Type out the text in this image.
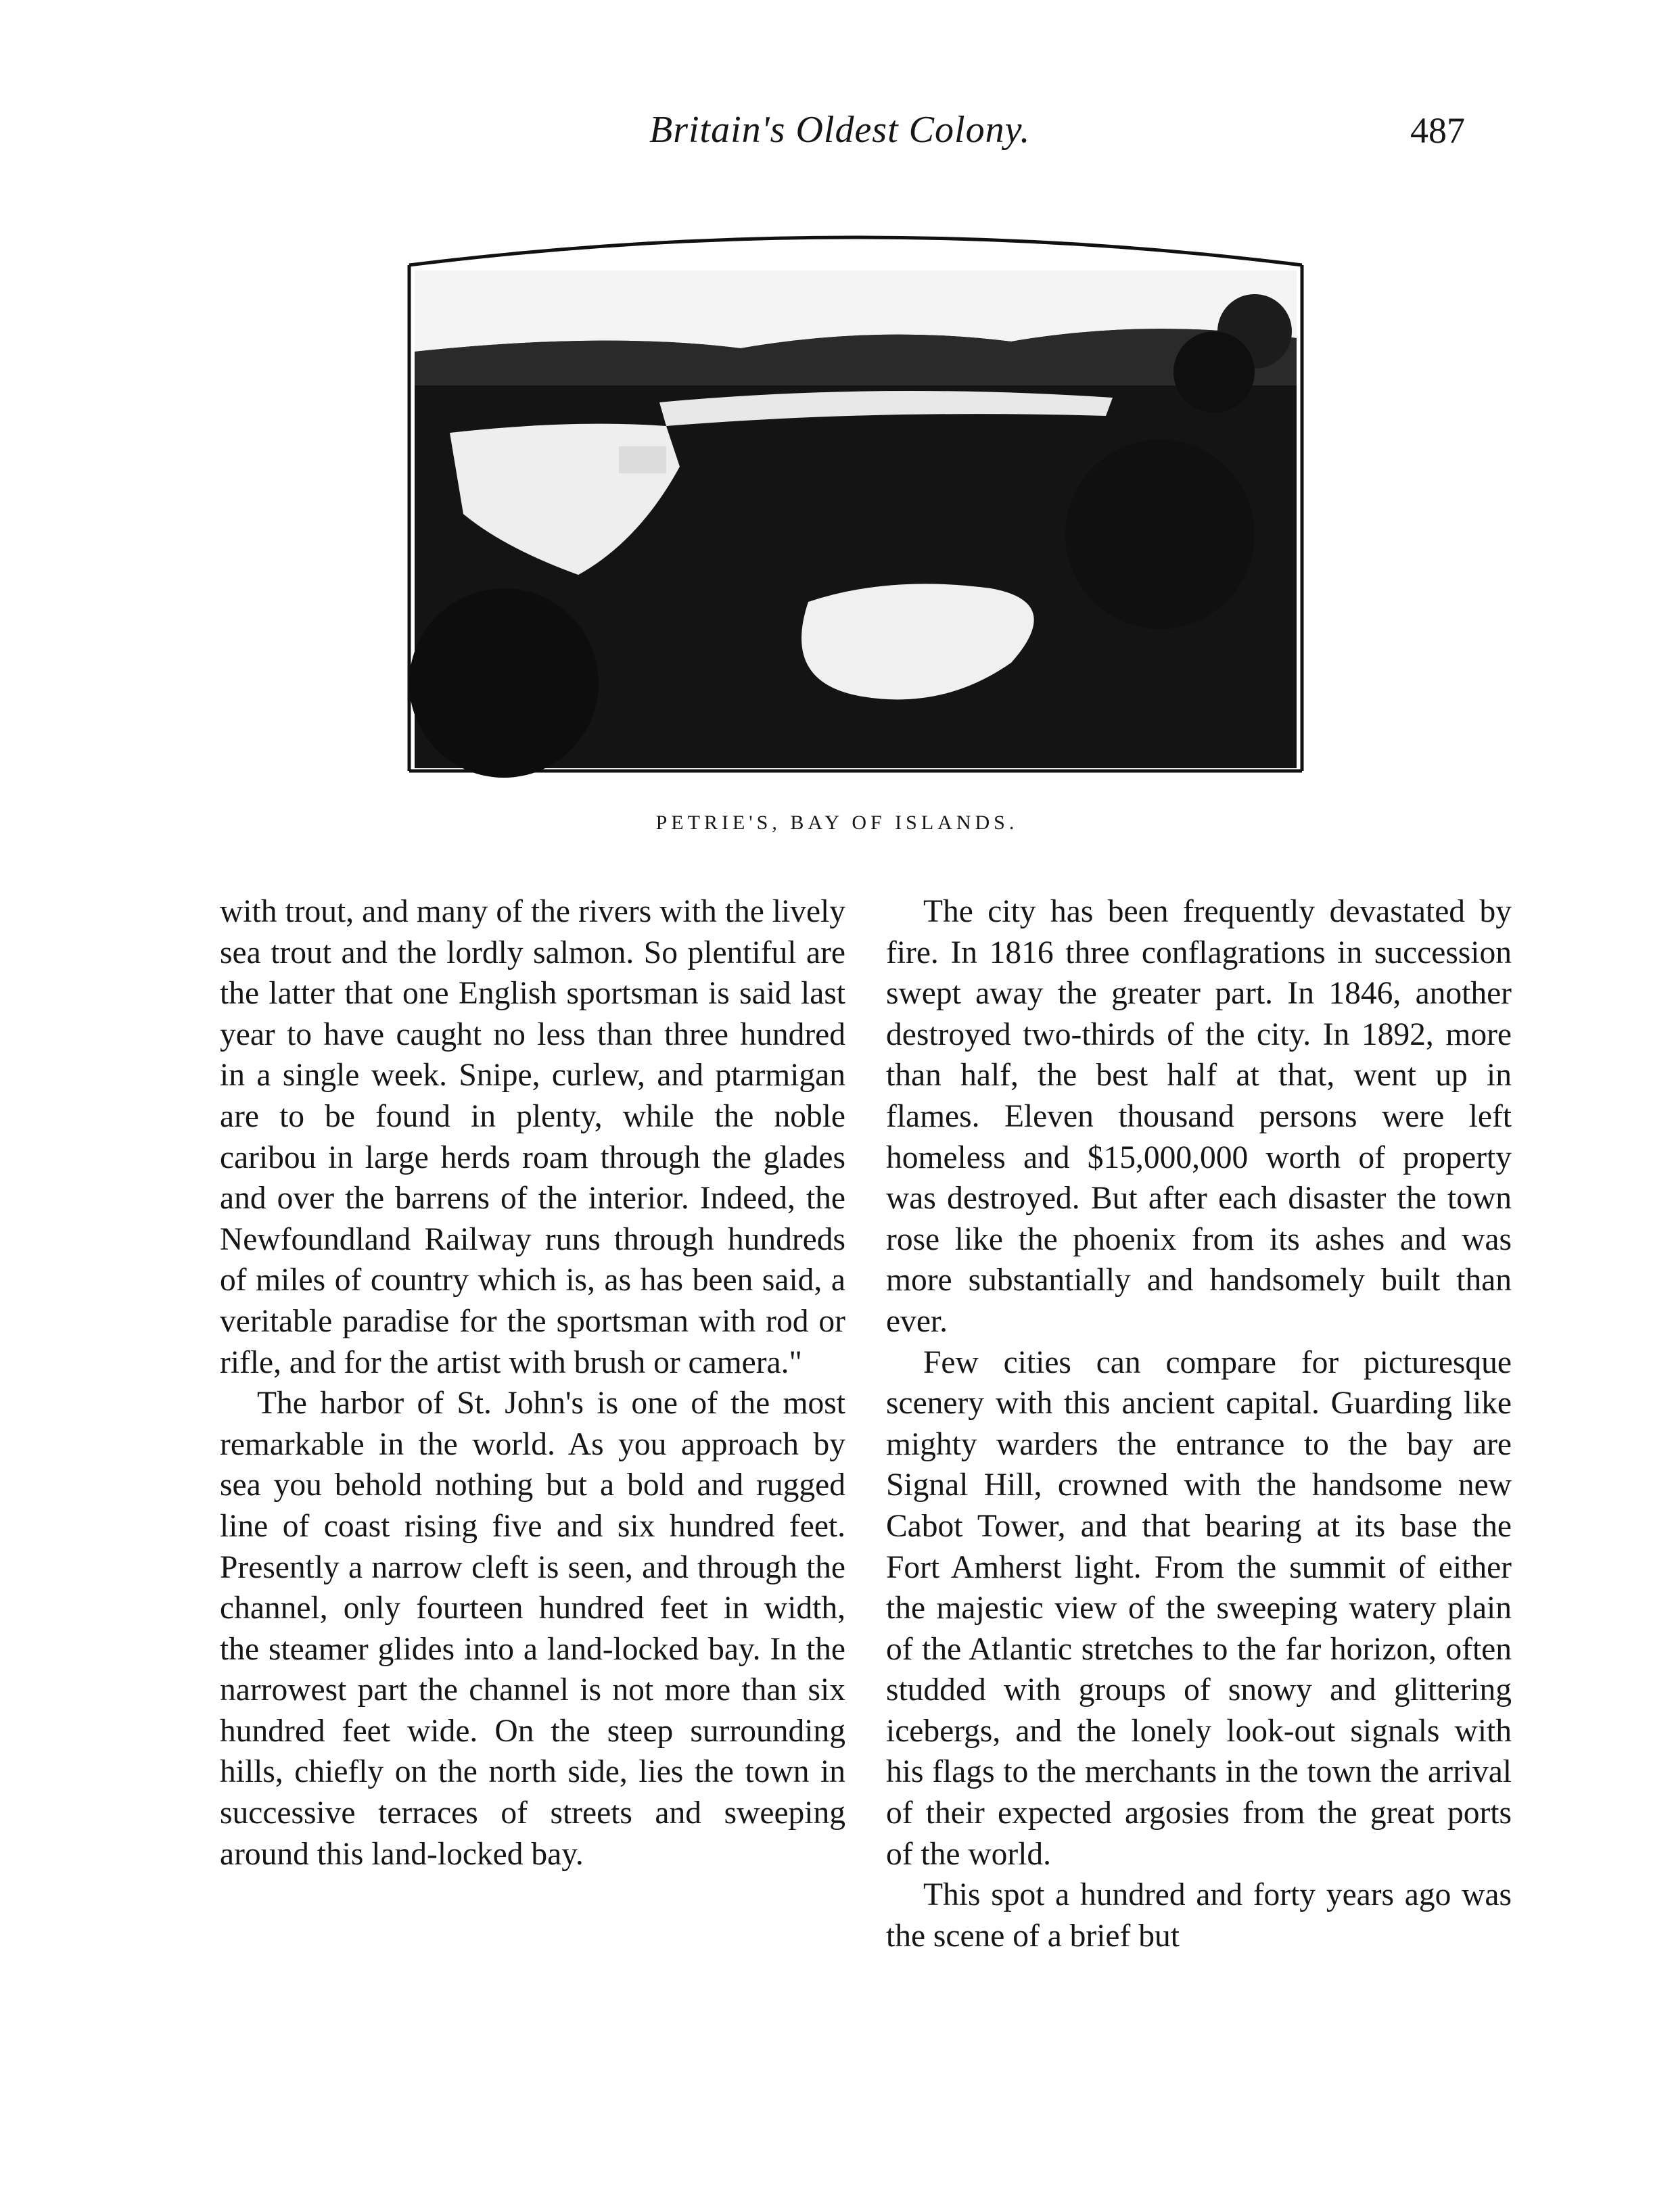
Britain's Oldest Colony.	487
PETRIE'S, BAY OF ISLANDS.

with trout, and many of the rivers with the lively sea trout and the lordly salmon. So plentiful are the latter that one English sportsman is said last year to have caught no less than three hundred in a single week. Snipe, curlew, and ptarmigan are to be found in plenty, while the noble caribou in large herds roam through the glades and over the barrens of the interior. Indeed, the Newfoundland Railway runs through hundreds of miles of country which is, as has been said, a veritable paradise for the sportsman with rod or rifle, and for the artist with brush or camera."

The harbor of St. John's is one of the most remarkable in the world. As you approach by sea you behold nothing but a bold and rugged line of coast rising five and six hundred feet. Presently a narrow cleft is seen, and through the channel, only fourteen hundred feet in width, the steamer glides into a land-locked bay. In the narrowest part the channel is not more than six hundred feet wide. On the steep surrounding hills, chiefly on the north side, lies the town in successive terraces of streets and sweeping around this land-locked bay.

The city has been frequently devastated by fire. In 1816 three conflagrations in succession swept away the greater part. In 1846, another destroyed two-thirds of the city. In 1892, more than half, the best half at that, went up in flames. Eleven thousand persons were left homeless and $15,000,000 worth of property was destroyed. But after each disaster the town rose like the phoenix from its ashes and was more substantially and handsomely built than ever.

Few cities can compare for picturesque scenery with this ancient capital. Guarding like mighty warders the entrance to the bay are Signal Hill, crowned with the handsome new Cabot Tower, and that bearing at its base the Fort Amherst light. From the summit of either the majestic view of the sweeping watery plain of the Atlantic stretches to the far horizon, often studded with groups of snowy and glittering icebergs, and the lonely look-out signals with his flags to the merchants in the town the arrival of their expected argosies from the great ports of the world.

This spot a hundred and forty years ago was the scene of a brief but
